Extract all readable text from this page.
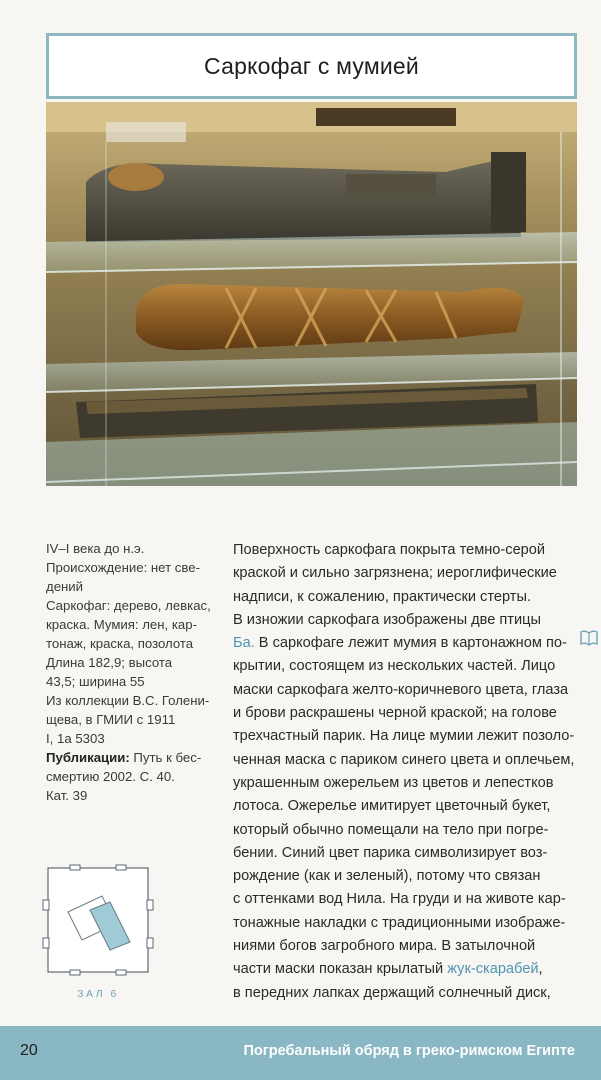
Саркофаг с мумией
IV–I века до н.э.
Происхождение: нет све-
дений
Саркофаг: дерево, левкас,
краска. Мумия: лен, кар-
тонаж, краска, позолота
Длина 182,9; высота
43,5; ширина 55
Из коллекции В.С. Голени-
щева, в ГМИИ с 1911
I, 1а 5303
Публикации: Путь к бес-
смертию 2002. С. 40.
Кат. 39
Поверхность саркофага покрыта темно-серой
краской и сильно загрязнена; иероглифические
надписи, к сожалению, практически стерты.
В изножии саркофага изображены две птицы
Ба. В саркофаге лежит мумия в картонажном по-
крытии, состоящем из нескольких частей. Лицо
маски саркофага желто-коричневого цвета, глаза
и брови раскрашены черной краской; на голове
трехчастный парик. На лице мумии лежит позоло-
ченная маска с париком синего цвета и оплечьем,
украшенным ожерельем из цветов и лепестков
лотоса. Ожерелье имитирует цветочный букет,
который обычно помещали на тело при погре-
бении. Синий цвет парика символизирует воз-
рождение (как и зеленый), потому что связан
с оттенками вод Нила. На груди и на животе кар-
тонажные накладки с традиционными изображе-
ниями богов загробного мира. В затылочной
части маски показан крылатый жук-скарабей,
в передних лапках держащий солнечный диск,
ЗАЛ 6
20	Погребальный обряд в греко-римском Египте
